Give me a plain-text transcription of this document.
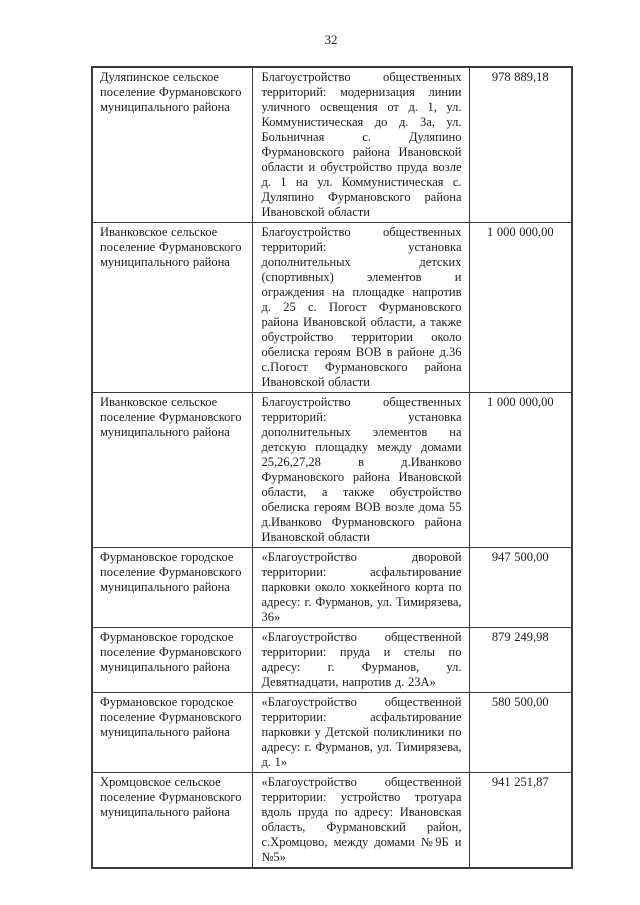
32
Дуляпинское сельское поселение Фурмановского муниципального района	Благоустройство общественных территорий: модернизация линии уличного освещения от д. 1, ул. Коммунистическая до д. 3а, ул. Больничная с. Дуляпино Фурмановского района Ивановской области и обустройство пруда возле д. 1 на ул. Коммунистическая с. Дуляпино Фурмановского района Ивановской области	978 889,18
Иванковское сельское поселение Фурмановского муниципального района	Благоустройство общественных территорий: установка дополнительных детских (спортивных) элементов и ограждения на площадке напротив д. 25 с. Погост Фурмановского района Ивановской области, а также обустройство территории около обелиска героям ВОВ в районе д.36 с.Погост Фурмановского района Ивановской области	1 000 000,00
Иванковское сельское поселение Фурмановского муниципального района	Благоустройство общественных территорий: установка дополнительных элементов на детскую площадку между домами 25,26,27,28 в д.Иванково Фурмановского района Ивановской области, а также обустройство обелиска героям ВОВ возле дома 55 д.Иванково Фурмановского района Ивановской области	1 000 000,00
Фурмановское городское поселение Фурмановского муниципального района	«Благоустройство дворовой территории: асфальтирование парковки около хоккейного корта по адресу: г. Фурманов, ул. Тимирязева, 36»	947 500,00
Фурмановское городское поселение Фурмановского муниципального района	«Благоустройство общественной территории: пруда и стелы по адресу: г. Фурманов, ул. Девятнадцати, напротив д. 23А»	879 249,98
Фурмановское городское поселение Фурмановского муниципального района	«Благоустройство общественной территории: асфальтирование парковки у Детской поликлиники по адресу: г. Фурманов, ул. Тимирязева, д. 1»	580 500,00
Хромцовское сельское поселение Фурмановского муниципального района	«Благоустройство общественной территории: устройство тротуара вдоль пруда по адресу: Ивановская область, Фурмановский район, с.Хромцово, между домами №9Б и №5»	941 251,87
